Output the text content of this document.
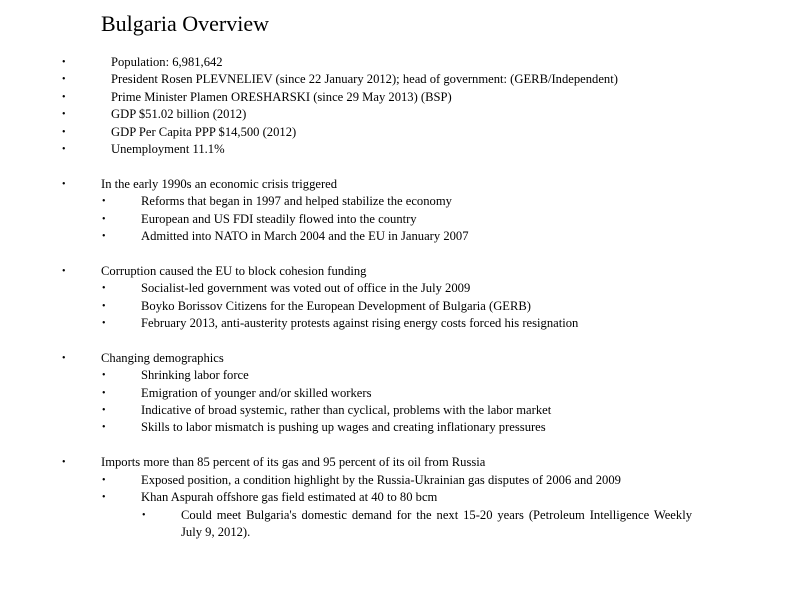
Bulgaria Overview
•	Population: 6,981,642
•	President Rosen PLEVNELIEV (since 22 January 2012); head of government: (GERB/Independent)
•	Prime Minister Plamen ORESHARSKI (since 29 May 2013) (BSP)
•	GDP $51.02 billion (2012)
•	GDP Per Capita PPP $14,500 (2012)
•	Unemployment 11.1%
•	In the early 1990s an economic crisis triggered
•	Reforms that began in 1997 and helped stabilize the economy
•	European and US FDI steadily flowed into the country
•	Admitted into NATO in March 2004 and the EU in January 2007
•	Corruption caused the EU to block cohesion funding
•	Socialist-led government was voted out of office in the July 2009
•	Boyko Borissov Citizens for the European Development of Bulgaria (GERB)
•	February 2013, anti-austerity protests against rising energy costs forced his resignation
•	Changing demographics
•	Shrinking labor force
•	Emigration of younger and/or skilled workers
•	Indicative of broad systemic, rather than cyclical, problems with the labor market
•	Skills to labor mismatch is pushing up wages and creating inflationary pressures
•	Imports more than 85 percent of its gas and 95 percent of its oil from Russia
•	Exposed position, a condition highlight by the Russia-Ukrainian gas disputes of 2006 and 2009
•	Khan Aspurah offshore gas field estimated at 40 to 80 bcm
•	Could meet Bulgaria's domestic demand for the next 15-20 years (Petroleum Intelligence Weekly July 9, 2012).
